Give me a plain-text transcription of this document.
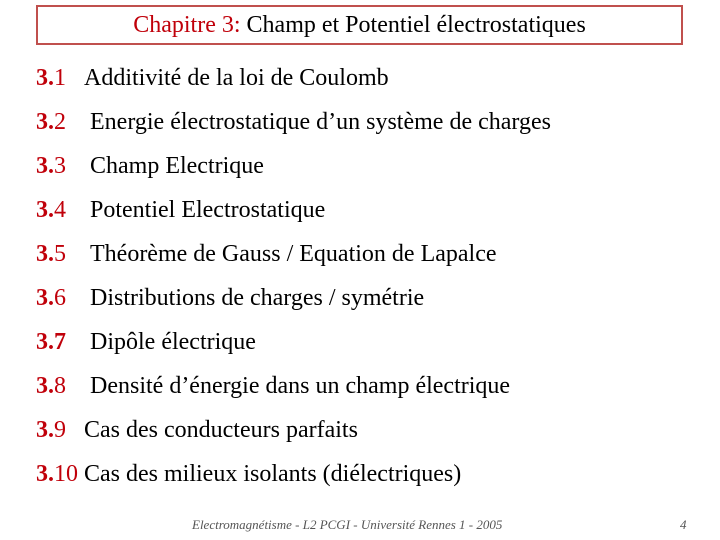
Chapitre 3:
Champ et Potentiel électrostatiques
3.1 Additivité de la loi de Coulomb
3.2 Energie électrostatique d’un système de charges
3.3 Champ Electrique
3.4 Potentiel Electrostatique
3.5 Théorème de Gauss / Equation de Lapalce
3.6 Distributions de charges / symétrie
3.7 Dipôle électrique
3.8 Densité d’énergie dans un champ électrique
3.9 Cas des conducteurs parfaits
3.10 Cas des milieux isolants (diélectriques)
Electromagnétisme - L2 PCGI - Université Rennes 1 - 2005	4
